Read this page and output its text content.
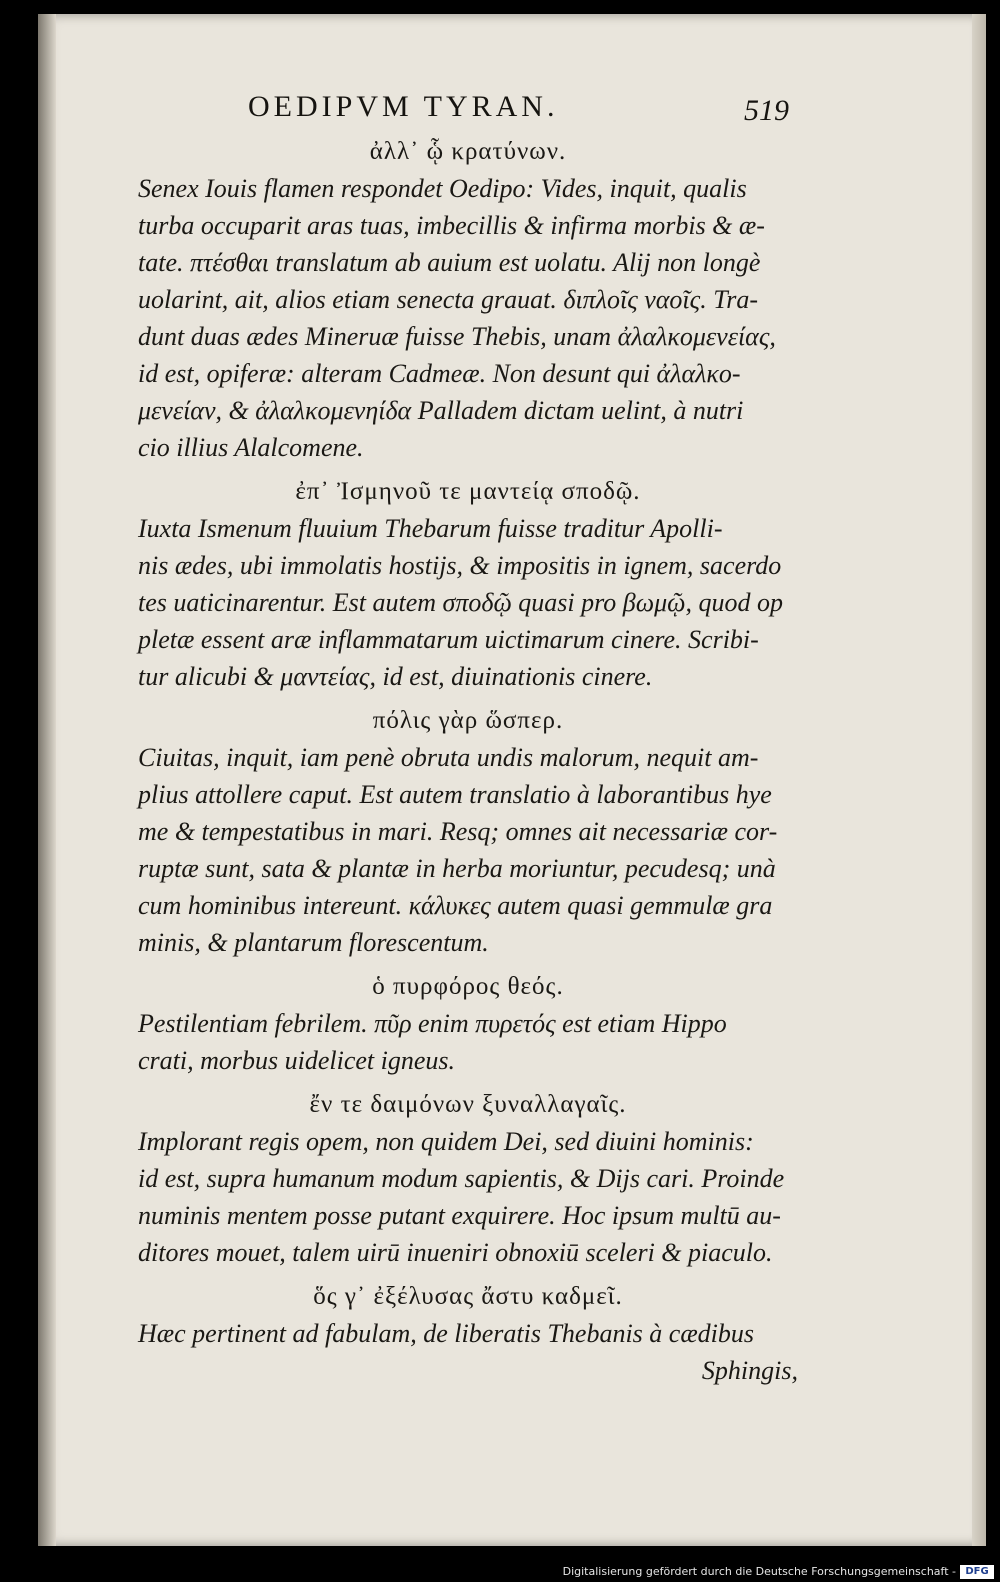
OEDIPVM TYRAN.	519
ἀλλ᾽ ᾧ κρατύνων.
Senex Iouis flamen respondet Oedipo: Vides, inquit, qualis
turba occuparit aras tuas, imbecillis & infirma morbis & æ-
tate. πτέσθαι translatum ab auium est uolatu. Alij non longè
uolarint, ait, alios etiam senecta grauat. διπλοῖς ναοῖς. Tra-
dunt duas ædes Mineruæ fuisse Thebis, unam ἀλαλκομενείας,
id est, opiferæ: alteram Cadmeæ. Non desunt qui ἀλαλκο-
μενείαν, & ἀλαλκομενηίδα Palladem dictam uelint, à nutri
cio illius Alalcomene.
ἐπ᾽ Ἰσμηνοῦ τε μαντείᾳ σποδῷ.
Iuxta Ismenum fluuium Thebarum fuisse traditur Apolli-
nis ædes, ubi immolatis hostijs, & impositis in ignem, sacerdo
tes uaticinarentur. Est autem σποδῷ quasi pro βωμῷ, quod op
pletæ essent aræ inflammatarum uictimarum cinere. Scribi-
tur alicubi & μαντείας, id est, diuinationis cinere.
πόλις γὰρ ὥσπερ.
Ciuitas, inquit, iam penè obruta undis malorum, nequit am-
plius attollere caput. Est autem translatio à laborantibus hye
me & tempestatibus in mari. Resq; omnes ait necessariæ cor-
ruptæ sunt, sata & plantæ in herba moriuntur, pecudesq; unà
cum hominibus intereunt. κάλυκες autem quasi gemmulæ gra
minis, & plantarum florescentum.
ὁ πυρφόρος θεός.
Pestilentiam febrilem. πῦρ enim πυρετός est etiam Hippo
crati, morbus uidelicet igneus.
ἔν τε δαιμόνων ξυναλλαγαῖς.
Implorant regis opem, non quidem Dei, sed diuini hominis:
id est, supra humanum modum sapientis, & Dijs cari. Proinde
numinis mentem posse putant exquirere. Hoc ipsum multū au-
ditores mouet, talem uirū inueniri obnoxiū sceleri & piaculo.
ὅς γ᾽ ἐξέλυσας ἄστυ καδμεῖ.
Hæc pertinent ad fabulam, de liberatis Thebanis à cædibus
Sphingis,
Digitalisierung gefördert durch die Deutsche Forschungsgemeinschaft - DFG
